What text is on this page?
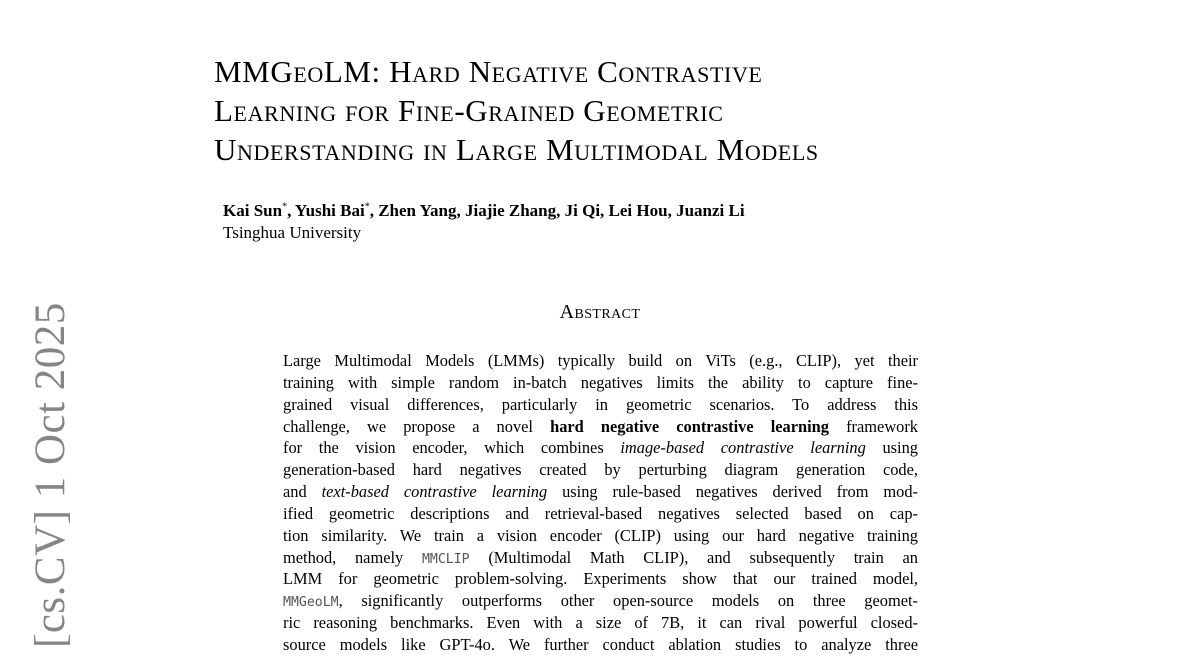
MMGeoLM: Hard Negative Contrastive
Learning for Fine-Grained Geometric
Understanding in Large Multimodal Models
Kai Sun*, Yushi Bai*, Zhen Yang, Jiajie Zhang, Ji Qi, Lei Hou, Juanzi Li
Tsinghua University
Abstract
Large Multimodal Models (LMMs) typically build on ViTs (e.g., CLIP), yet their
training with simple random in-batch negatives limits the ability to capture fine-
grained visual differences, particularly in geometric scenarios. To address this
challenge, we propose a novel hard negative contrastive learning framework
for the vision encoder, which combines image-based contrastive learning using
generation-based hard negatives created by perturbing diagram generation code,
and text-based contrastive learning using rule-based negatives derived from mod-
ified geometric descriptions and retrieval-based negatives selected based on cap-
tion similarity. We train a vision encoder (CLIP) using our hard negative training
method, namely MMCLIP (Multimodal Math CLIP), and subsequently train an
LMM for geometric problem-solving. Experiments show that our trained model,
MMGeoLM, significantly outperforms other open-source models on three geomet-
ric reasoning benchmarks. Even with a size of 7B, it can rival powerful closed-
source models like GPT-4o. We further conduct ablation studies to analyze three
[cs.CV] 1 Oct 2025
